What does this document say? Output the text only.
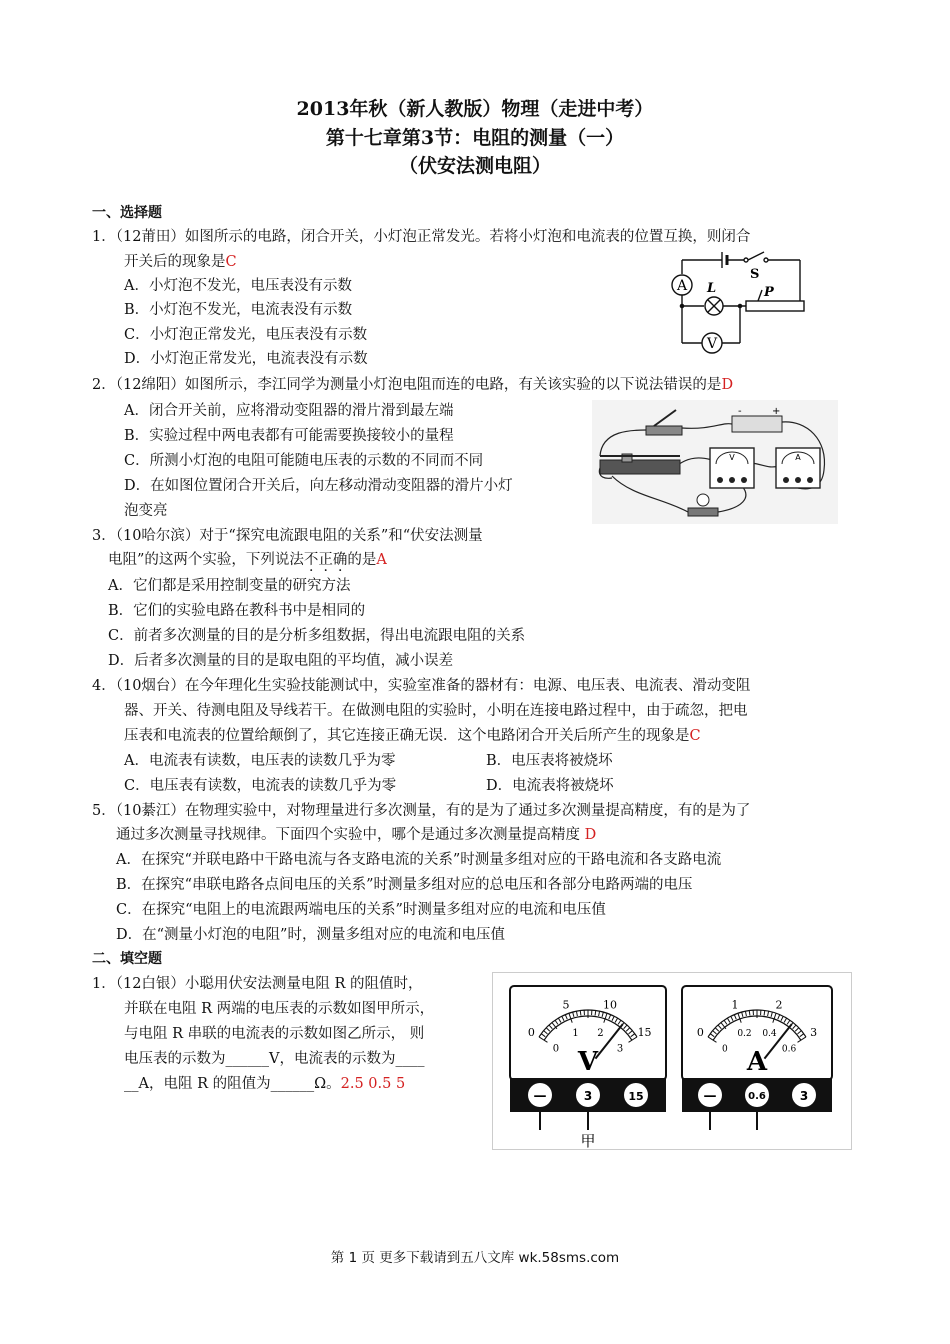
2013年秋（新人教版）物理（走进中考）
第十七章第3节：电阻的测量（一）
（伏安法测电阻）
一、选择题
1．（12莆田）如图所示的电路，闭合开关，小灯泡正常发光。若将小灯泡和电流表的位置互换，则闭合
开关后的现象是C
A．小灯泡不发光，电压表没有示数
B．小灯泡不发光，电流表没有示数
C．小灯泡正常发光，电压表没有示数
D．小灯泡正常发光，电流表没有示数
A
V
L
S
P
2．（12绵阳）如图所示，李江同学为测量小灯泡电阻而连的电路，有关该实验的以下说法错误的是D
A．闭合开关前，应将滑动变阻器的滑片滑到最左端
B．实验过程中两电表都有可能需要换接较小的量程
C．所测小灯泡的电阻可能随电压表的示数的不同而不同
D．在如图位置闭合开关后，向左移动滑动变阻器的滑片小灯
泡变亮
-	+
V	A
3．（10哈尔滨）对于“探究电流跟电阻的关系”和“伏安法测量
电阻”的这两个实验，下列说法不正确的是A
A．它们都是采用控制变量的研究方法
B．它们的实验电路在教科书中是相同的
C．前者多次测量的目的是分析多组数据，得出电流跟电阻的关系
D．后者多次测量的目的是取电阻的平均值，减小误差
4．（10烟台）在今年理化生实验技能测试中，实验室准备的器材有：电源、电压表、电流表、滑动变阻
器、开关、待测电阻及导线若干。在做测电阻的实验时，小明在连接电路过程中，由于疏忽，把电
压表和电流表的位置给颠倒了，其它连接正确无误．这个电路闭合开关后所产生的现象是C
A．电流表有读数，电压表的读数几乎为零	B．电压表将被烧坏
C．电压表有读数，电流表的读数几乎为零	D．电流表将被烧坏
5．（10綦江）在物理实验中，对物理量进行多次测量，有的是为了通过多次测量提高精度，有的是为了
通过多次测量寻找规律。下面四个实验中，哪个是通过多次测量提高精度 D
A．在探究“并联电路中干路电流与各支路电流的关系”时测量多组对应的干路电流和各支路电流
B．在探究“串联电路各点间电压的关系”时测量多组对应的总电压和各部分电路两端的电压
C．在探究“电阻上的电流跟两端电压的关系”时测量多组对应的电流和电压值
D．在“测量小灯泡的电阻”时，测量多组对应的电流和电压值
二、填空题
1．（12白银）小聪用伏安法测量电阻 R 的阻值时，
并联在电阻 R 两端的电压表的示数如图甲所示，
与电阻 R 串联的电流表的示数如图乙所示， 则
电压表的示数为______V，电流表的示数为____
__A，电阻 R 的阻值为______Ω。2.5 0.5 5
0
5	10
15
0
1 2
3
V
—	3	15
0
1	2
3
0
0.2 0.4
0.6
A
—	0.6	3
甲
第 1 页 更多下载请到五八文库 wk.58sms.com
